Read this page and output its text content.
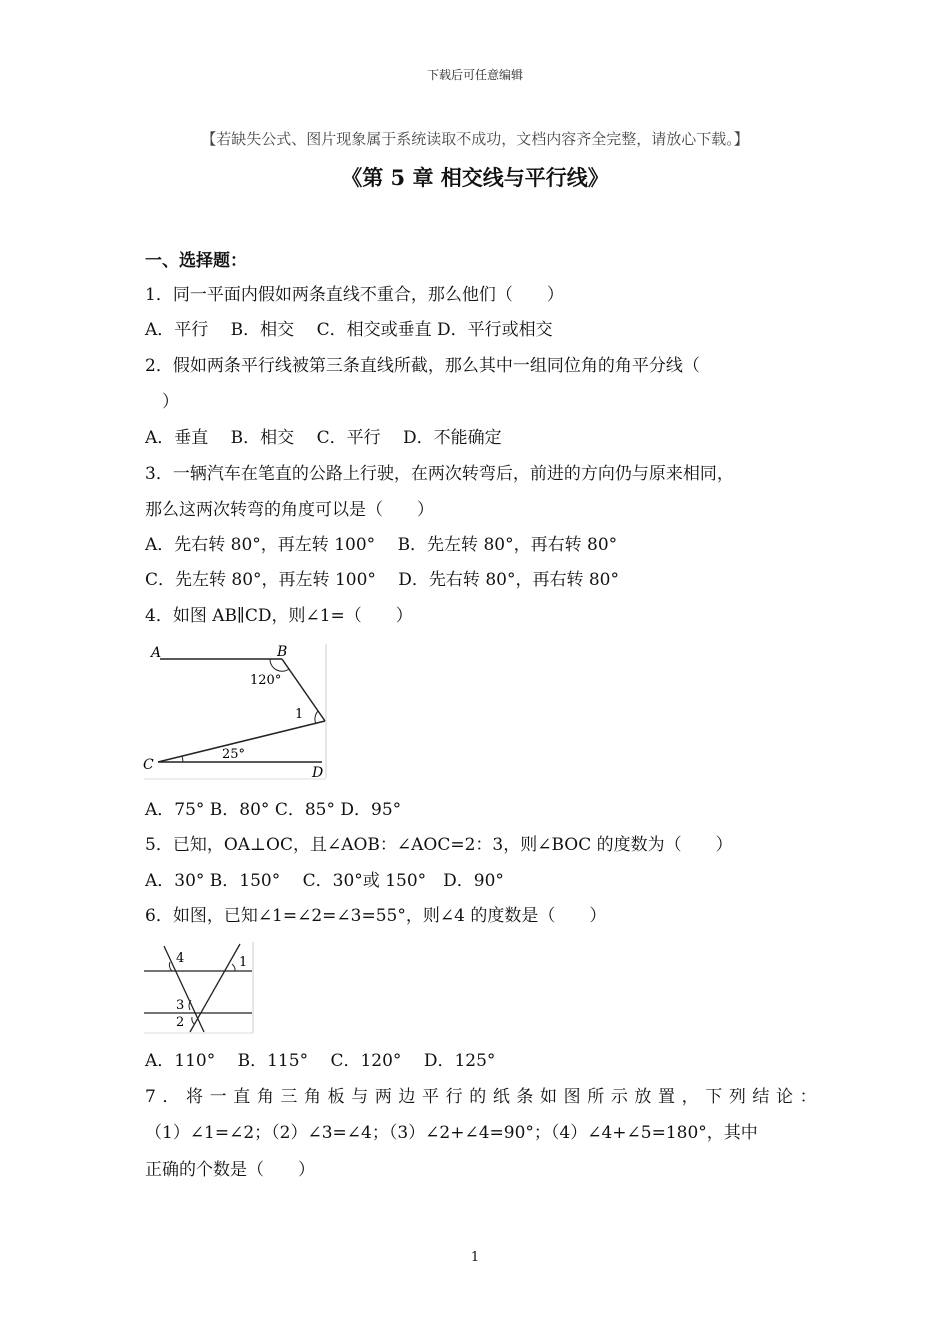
下载后可任意编辑
【若缺失公式、图片现象属于系统读取不成功，文档内容齐全完整，请放心下载。】
《第 5 章 相交线与平行线》
一、选择题：
1．同一平面内假如两条直线不重合，那么他们（　　）
A．平行　 B．相交　 C．相交或垂直 D．平行或相交
2．假如两条平行线被第三条直线所截，那么其中一组同位角的角平分线（
　）
A．垂直　 B．相交　 C．平行　 D．不能确定
3．一辆汽车在笔直的公路上行驶，在两次转弯后，前进的方向仍与原来相同，
那么这两次转弯的角度可以是（　　）
A．先右转 80°，再左转 100°　 B．先左转 80°，再右转 80°
C．先左转 80°，再左转 100°　 D．先右转 80°，再右转 80°
4．如图 AB∥CD，则∠1=（　　）
A	B
C	D
120°
1
25°
A．75° B．80° C．85° D．95°
5．已知，OA⊥OC，且∠AOB：∠AOC=2：3，则∠BOC 的度数为（　　）
A．30° B．150°　 C．30°或 150°　D．90°
6．如图，已知∠1=∠2=∠3=55°，则∠4 的度数是（　　）
4	1
3
2
A．110°　 B．115°　 C．120°　 D．125°
7．将一直角三角板与两边平行的纸条如图所示放置，下列结论：
（1）∠1=∠2；（2）∠3=∠4；（3）∠2+∠4=90°；（4）∠4+∠5=180°，其中
正确的个数是（　　）
1
